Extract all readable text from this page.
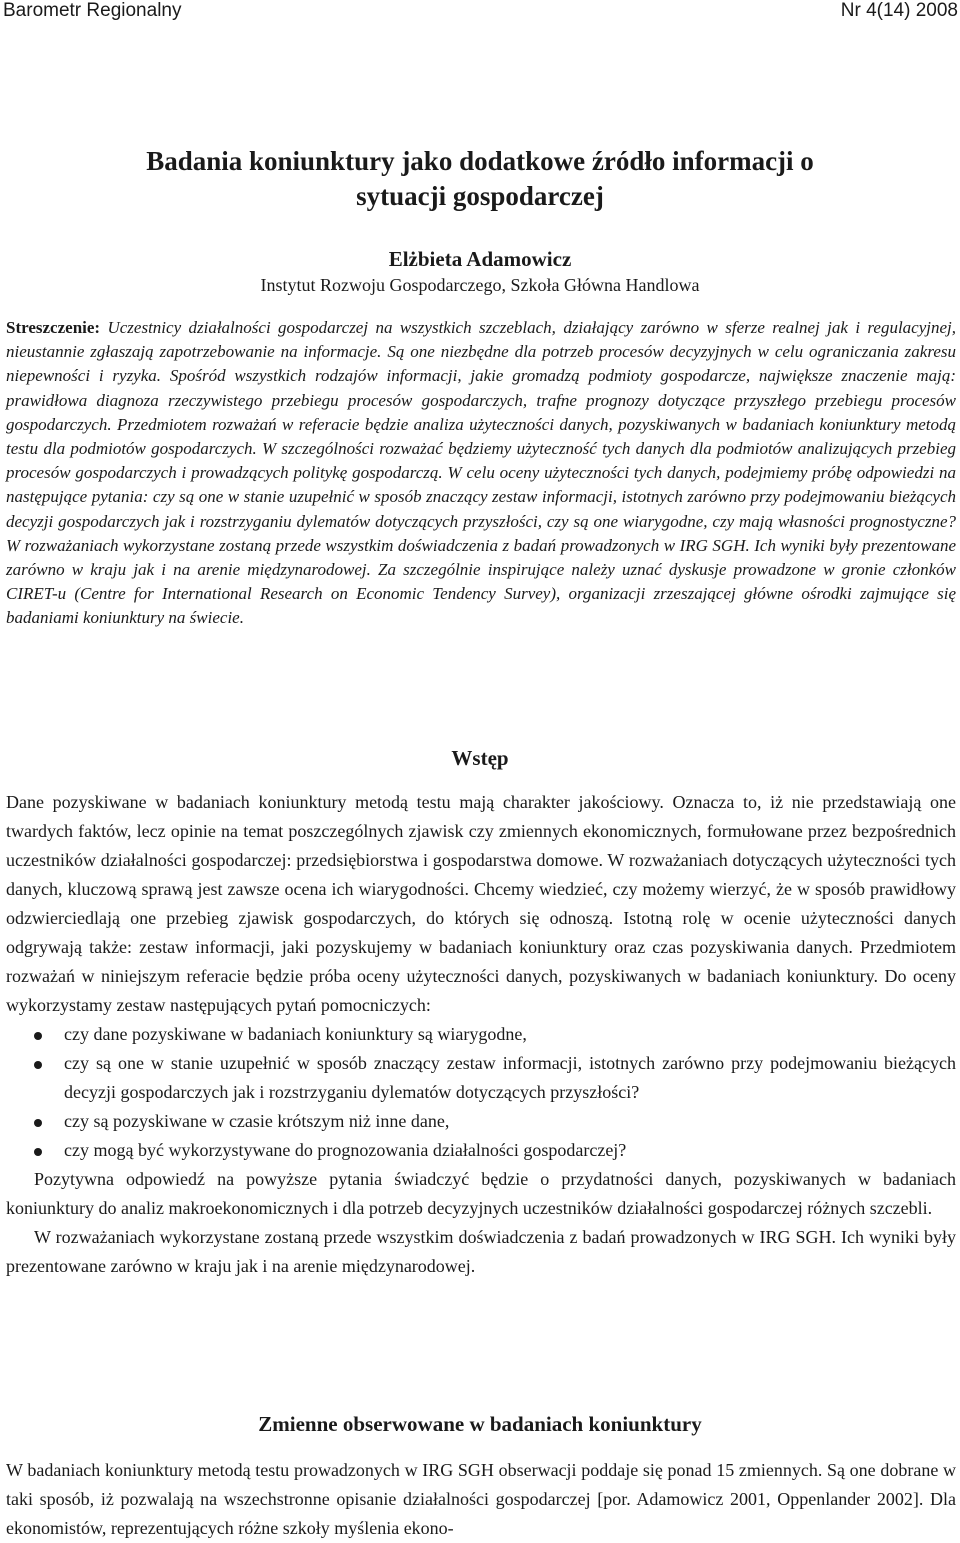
Barometr Regionalny	Nr 4(14) 2008
Badania koniunktury jako dodatkowe źródło informacji o sytuacji gospodarczej
Elżbieta Adamowicz
Instytut Rozwoju Gospodarczego, Szkoła Główna Handlowa
Streszczenie: Uczestnicy działalności gospodarczej na wszystkich szczeblach, działający zarówno w sferze realnej jak i regulacyjnej, nieustannie zgłaszają zapotrzebowanie na informacje. Są one niezbędne dla potrzeb procesów decyzyjnych w celu ograniczania zakresu niepewności i ryzyka. Spośród wszystkich rodzajów informacji, jakie gromadzą podmioty gospodarcze, największe znaczenie mają: prawidłowa diagnoza rzeczywistego przebiegu procesów gospodarczych, trafne prognozy dotyczące przyszłego przebiegu procesów gospodarczych. Przedmiotem rozważań w referacie będzie analiza użyteczności danych, pozyskiwanych w badaniach koniunktury metodą testu dla podmiotów gospodarczych. W szczególności rozważać będziemy użyteczność tych danych dla podmiotów analizujących przebieg procesów gospodarczych i prowadzących politykę gospodarczą. W celu oceny użyteczności tych danych, podejmiemy próbę odpowiedzi na następujące pytania: czy są one w stanie uzupełnić w sposób znaczący zestaw informacji, istotnych zarówno przy podejmowaniu bieżących decyzji gospodarczych jak i rozstrzyganiu dylematów dotyczących przyszłości, czy są one wiarygodne, czy mają własności prognostyczne? W rozważaniach wykorzystane zostaną przede wszystkim doświadczenia z badań prowadzonych w IRG SGH. Ich wyniki były prezentowane zarówno w kraju jak i na arenie międzynarodowej. Za szczególnie inspirujące należy uznać dyskusje prowadzone w gronie członków CIRET-u (Centre for International Research on Economic Tendency Survey), organizacji zrzeszającej główne ośrodki zajmujące się badaniami koniunktury na świecie.
Wstęp

Dane pozyskiwane w badaniach koniunktury metodą testu mają charakter jakościowy. Oznacza to, iż nie przedstawiają one twardych faktów, lecz opinie na temat poszczególnych zjawisk czy zmiennych ekonomicznych, formułowane przez bezpośrednich uczestników działalności gospodarczej: przedsiębiorstwa i gospodarstwa domowe. W rozważaniach dotyczących użyteczności tych danych, kluczową sprawą jest zawsze ocena ich wiarygodności. Chcemy wiedzieć, czy możemy wierzyć, że w sposób prawidłowy odzwierciedlają one przebieg zjawisk gospodarczych, do których się odnoszą. Istotną rolę w ocenie użyteczności danych odgrywają także: zestaw informacji, jaki pozyskujemy w badaniach koniunktury oraz czas pozyskiwania danych. Przedmiotem rozważań w niniejszym referacie będzie próba oceny użyteczności danych, pozyskiwanych w badaniach koniunktury. Do oceny wykorzystamy zestaw następujących pytań pomocniczych:

czy dane pozyskiwane w badaniach koniunktury są wiarygodne,
czy są one w stanie uzupełnić w sposób znaczący zestaw informacji, istotnych zarówno przy podejmowaniu bieżących decyzji gospodarczych jak i rozstrzyganiu dylematów dotyczących przyszłości?
czy są pozyskiwane w czasie krótszym niż inne dane,
czy mogą być wykorzystywane do prognozowania działalności gospodarczej?

Pozytywna odpowiedź na powyższe pytania świadczyć będzie o przydatności danych, pozyskiwanych w badaniach koniunktury do analiz makroekonomicznych i dla potrzeb decyzyjnych uczestników działalności gospodarczej różnych szczebli.

W rozważaniach wykorzystane zostaną przede wszystkim doświadczenia z badań prowadzonych w IRG SGH. Ich wyniki były prezentowane zarówno w kraju jak i na arenie międzynarodowej.

Zmienne obserwowane w badaniach koniunktury

W badaniach koniunktury metodą testu prowadzonych w IRG SGH obserwacji poddaje się ponad 15 zmiennych. Są one dobrane w taki sposób, iż pozwalają na wszechstronne opisanie działalności gospodarczej [por. Adamowicz 2001, Oppenlander 2002]. Dla ekonomistów, reprezentujących różne szkoły myślenia ekono-
